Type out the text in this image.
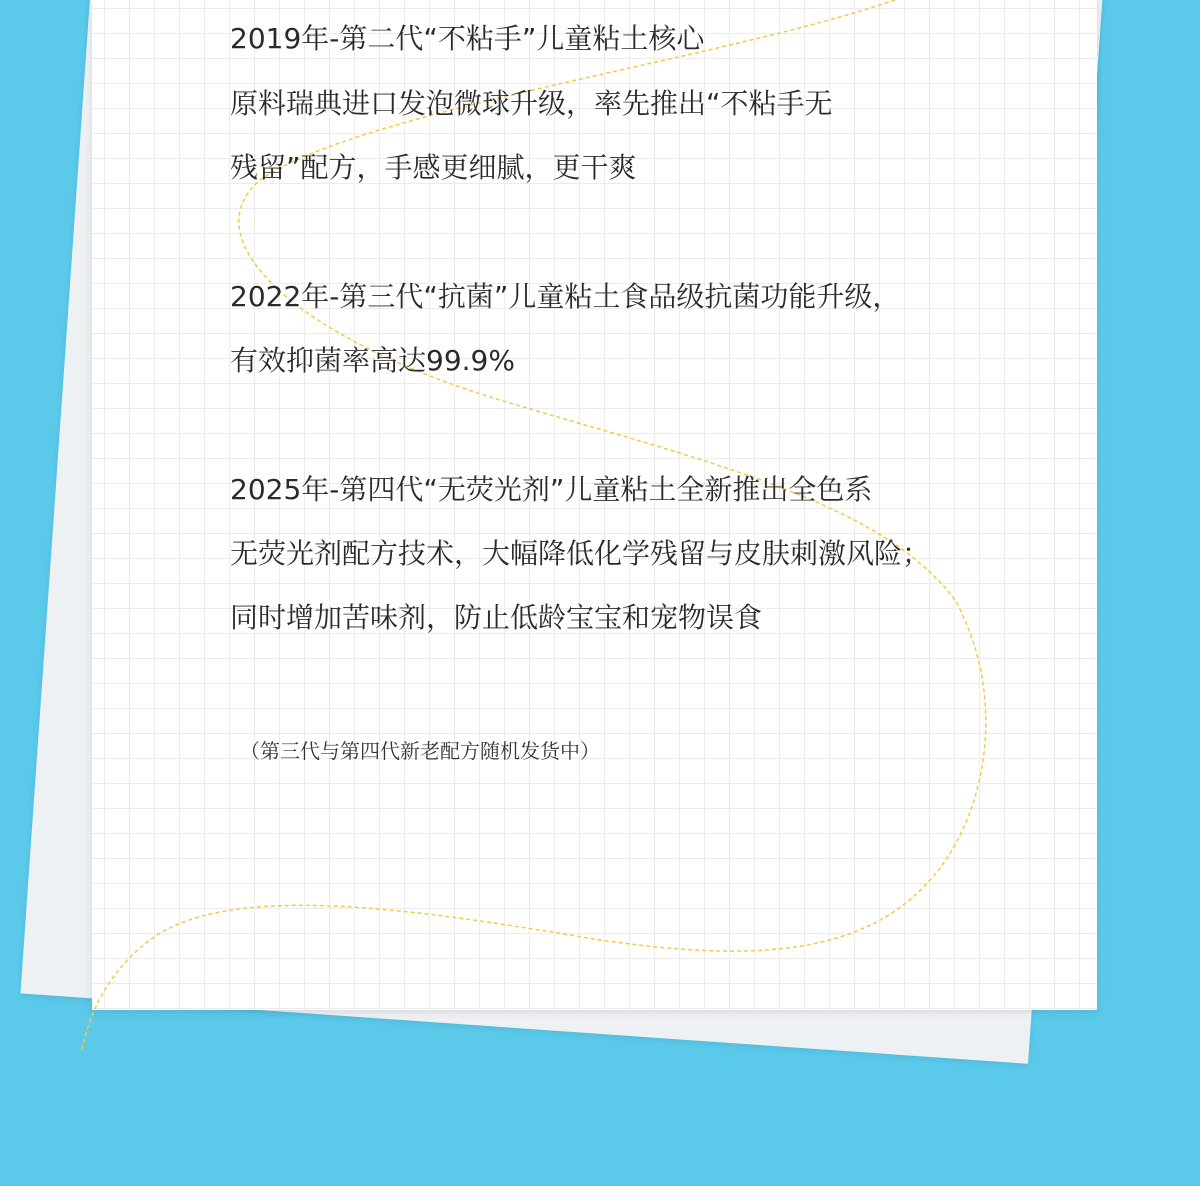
2019年-第二代“不粘手”儿童粘土核心

原料瑞典进口发泡微球升级，率先推出“不粘手无

残留”配方，手感更细腻，更干爽

2022年-第三代“抗菌”儿童粘土食品级抗菌功能升级，

有效抑菌率高达99.9%

2025年-第四代“无荧光剂”儿童粘土全新推出全色系

无荧光剂配方技术，大幅降低化学残留与皮肤刺激风险；

同时增加苦味剂，防止低龄宝宝和宠物误食

（第三代与第四代新老配方随机发货中）
